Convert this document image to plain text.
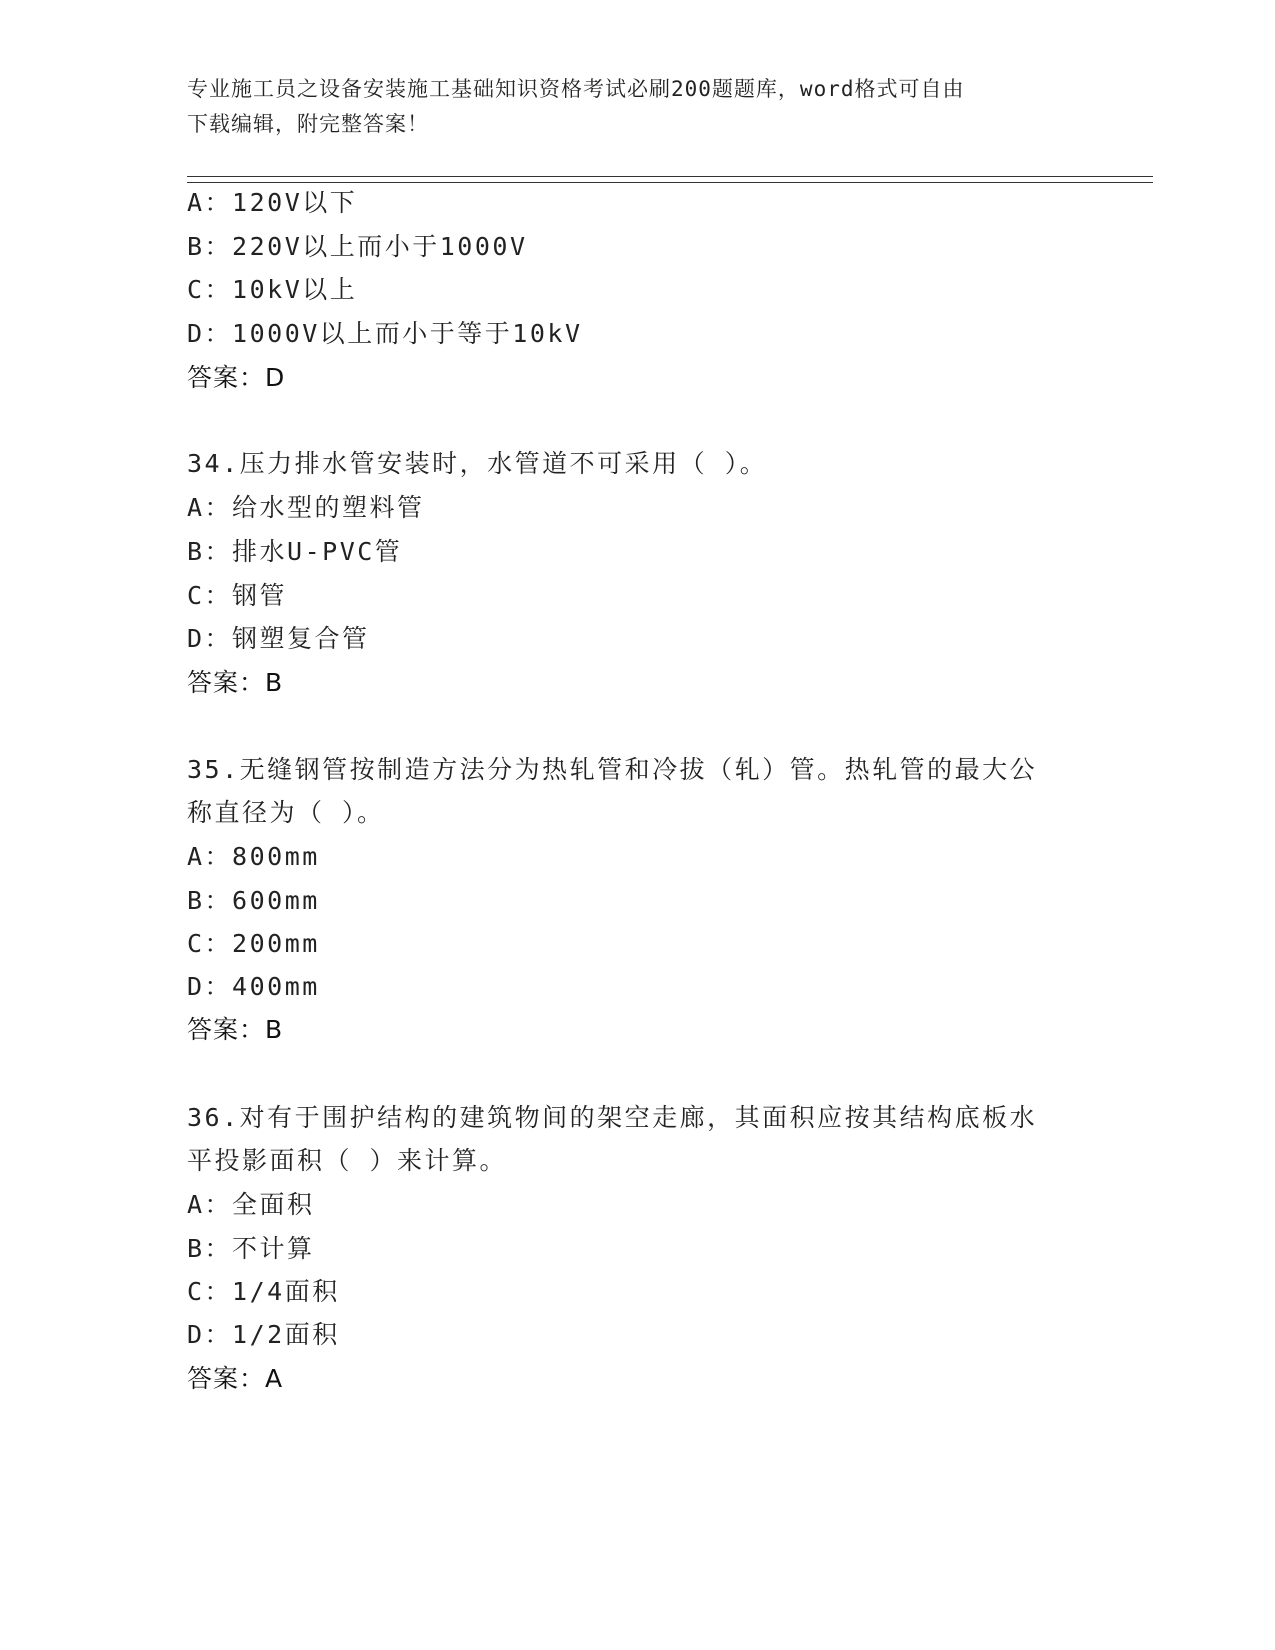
专业施工员之设备安装施工基础知识资格考试必刷200题题库，word格式可自由
下载编辑，附完整答案！
A：120V以下
B：220V以上而小于1000V
C：10kV以上
D：1000V以上而小于等于10kV
答案：D
34.压力排水管安装时，水管道不可采用（ ）。
A：给水型的塑料管
B：排水U-PVC管
C：钢管
D：钢塑复合管
答案：B
35.无缝钢管按制造方法分为热轧管和冷拔（轧）管。热轧管的最大公
称直径为（ ）。
A：800mm
B：600mm
C：200mm
D：400mm
答案：B
36.对有于围护结构的建筑物间的架空走廊，其面积应按其结构底板水
平投影面积（ ）来计算。
A：全面积
B：不计算
C：1/4面积
D：1/2面积
答案：A
